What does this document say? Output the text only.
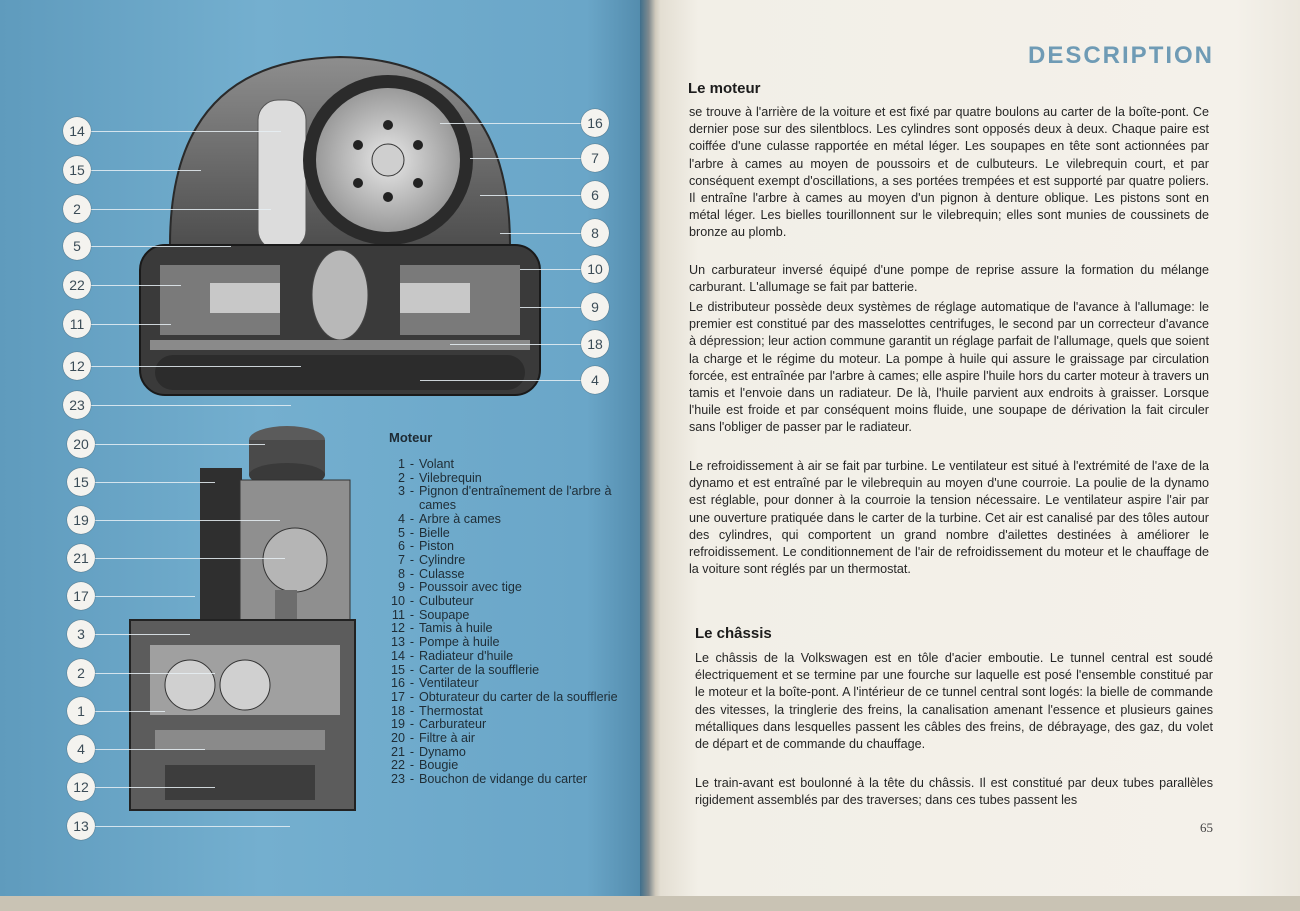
14
15
2
5
22
11
12
23
16
7
6
8
10
9
18
4
20
15
19
21
17
3
2
1
4
12
13
Moteur
1 - Volant
2 - Vilebrequin
3 - Pignon d'entraînement de l'arbre à cames
4 - Arbre à cames
5 - Bielle
6 - Piston
7 - Cylindre
8 - Culasse
9 - Poussoir avec tige
10 - Culbuteur
11 - Soupape
12 - Tamis à huile
13 - Pompe à huile
14 - Radiateur d'huile
15 - Carter de la soufflerie
16 - Ventilateur
17 - Obturateur du carter de la soufflerie
18 - Thermostat
19 - Carburateur
20 - Filtre à air
21 - Dynamo
22 - Bougie
23 - Bouchon de vidange du carter
DESCRIPTION
Le moteur
se trouve à l'arrière de la voiture et est fixé par quatre boulons au carter de la boîte-pont. Ce dernier pose sur des silentblocs. Les cylindres sont opposés deux à deux. Chaque paire est coiffée d'une culasse rapportée en métal léger. Les soupapes en tête sont actionnées par l'arbre à cames au moyen de poussoirs et de culbuteurs. Le vilebrequin court, et par conséquent exempt d'oscillations, a ses portées trempées et est supporté par quatre poliers. Il entraîne l'arbre à cames au moyen d'un pignon à denture oblique. Les pistons sont en métal léger. Les bielles tourillonnent sur le vilebrequin; elles sont munies de coussinets de bronze au plomb.
Un carburateur inversé équipé d'une pompe de reprise assure la formation du mélange carburant. L'allumage se fait par batterie.
Le distributeur possède deux systèmes de réglage automatique de l'avance à l'allumage: le premier est constitué par des masselottes centrifuges, le second par un correcteur d'avance à dépression; leur action commune garantit un réglage parfait de l'allumage, quels que soient la charge et le régime du moteur. La pompe à huile qui assure le graissage par circulation forcée, est entraînée par l'arbre à cames; elle aspire l'huile hors du carter moteur à travers un tamis et l'envoie dans un radiateur. De là, l'huile parvient aux endroits à graisser. Lorsque l'huile est froide et par conséquent moins fluide, une soupape de dérivation la fait circuler sans l'obliger de passer par le radiateur.
Le refroidissement à air se fait par turbine. Le ventilateur est situé à l'extrémité de l'axe de la dynamo et est entraîné par le vilebrequin au moyen d'une courroie. La poulie de la dynamo est réglable, pour donner à la courroie la tension nécessaire. Le ventilateur aspire l'air par une ouverture pratiquée dans le carter de la turbine. Cet air est canalisé par des tôles autour des cylindres, qui comportent un grand nombre d'ailettes destinées à améliorer le refroidissement. Le conditionnement de l'air de refroidissement du moteur et le chauffage de la voiture sont réglés par un thermostat.
Le châssis
Le châssis de la Volkswagen est en tôle d'acier emboutie. Le tunnel central est soudé électriquement et se termine par une fourche sur laquelle est posé l'ensemble constitué par le moteur et la boîte-pont. A l'intérieur de ce tunnel central sont logés: la bielle de commande des vitesses, la tringlerie des freins, la canalisation amenant l'essence et plusieurs gaines métalliques dans lesquelles passent les câbles des freins, de débrayage, des gaz, du volet de départ et de commande du chauffage.
Le train-avant est boulonné à la tête du châssis. Il est constitué par deux tubes parallèles rigidement assemblés par des traverses; dans ces tubes passent les
65
